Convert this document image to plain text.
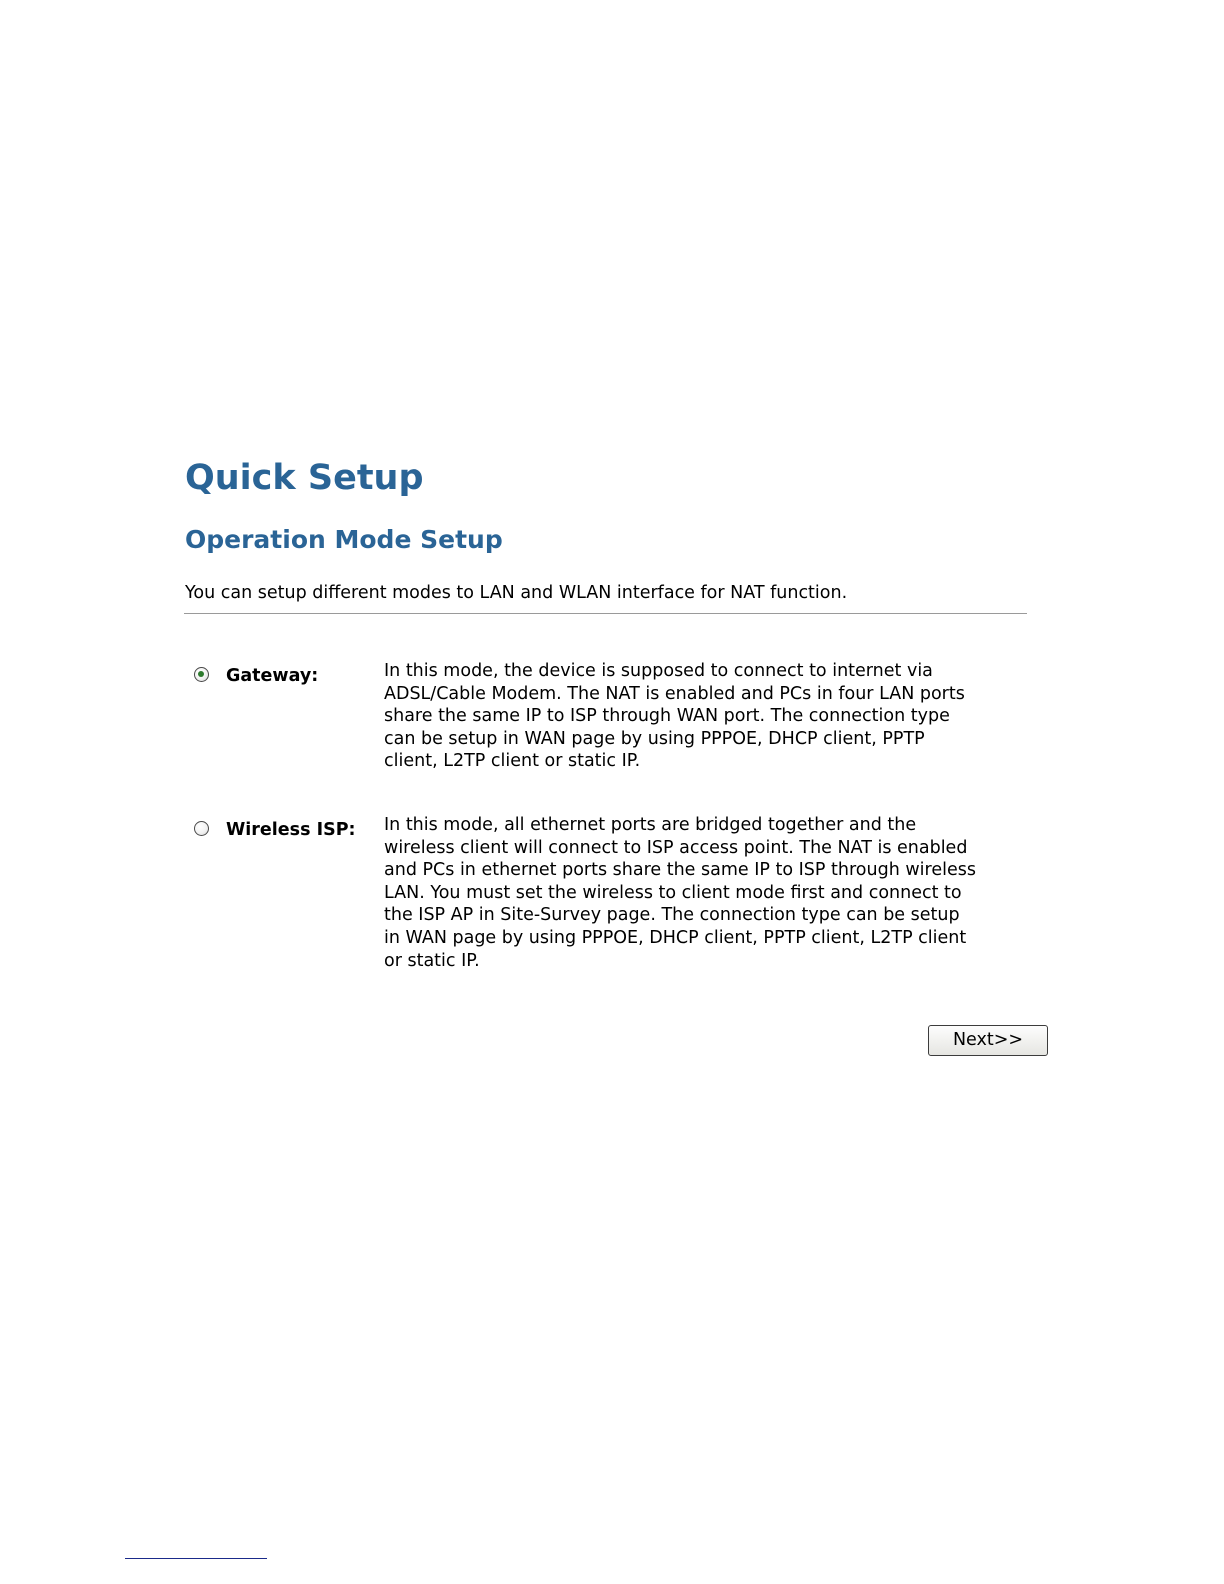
Quick Setup
Operation Mode Setup
You can setup different modes to LAN and WLAN interface for NAT function.
Gateway:	In this mode, the device is supposed to connect to internet via
ADSL/Cable Modem. The NAT is enabled and PCs in four LAN ports
share the same IP to ISP through WAN port. The connection type
can be setup in WAN page by using PPPOE, DHCP client, PPTP
client, L2TP client or static IP.
Wireless ISP: In this mode, all ethernet ports are bridged together and the
wireless client will connect to ISP access point. The NAT is enabled
and PCs in ethernet ports share the same IP to ISP through wireless
LAN. You must set the wireless to client mode first and connect to
the ISP AP in Site-Survey page. The connection type can be setup
in WAN page by using PPPOE, DHCP client, PPTP client, L2TP client
or static IP.
Next>>
